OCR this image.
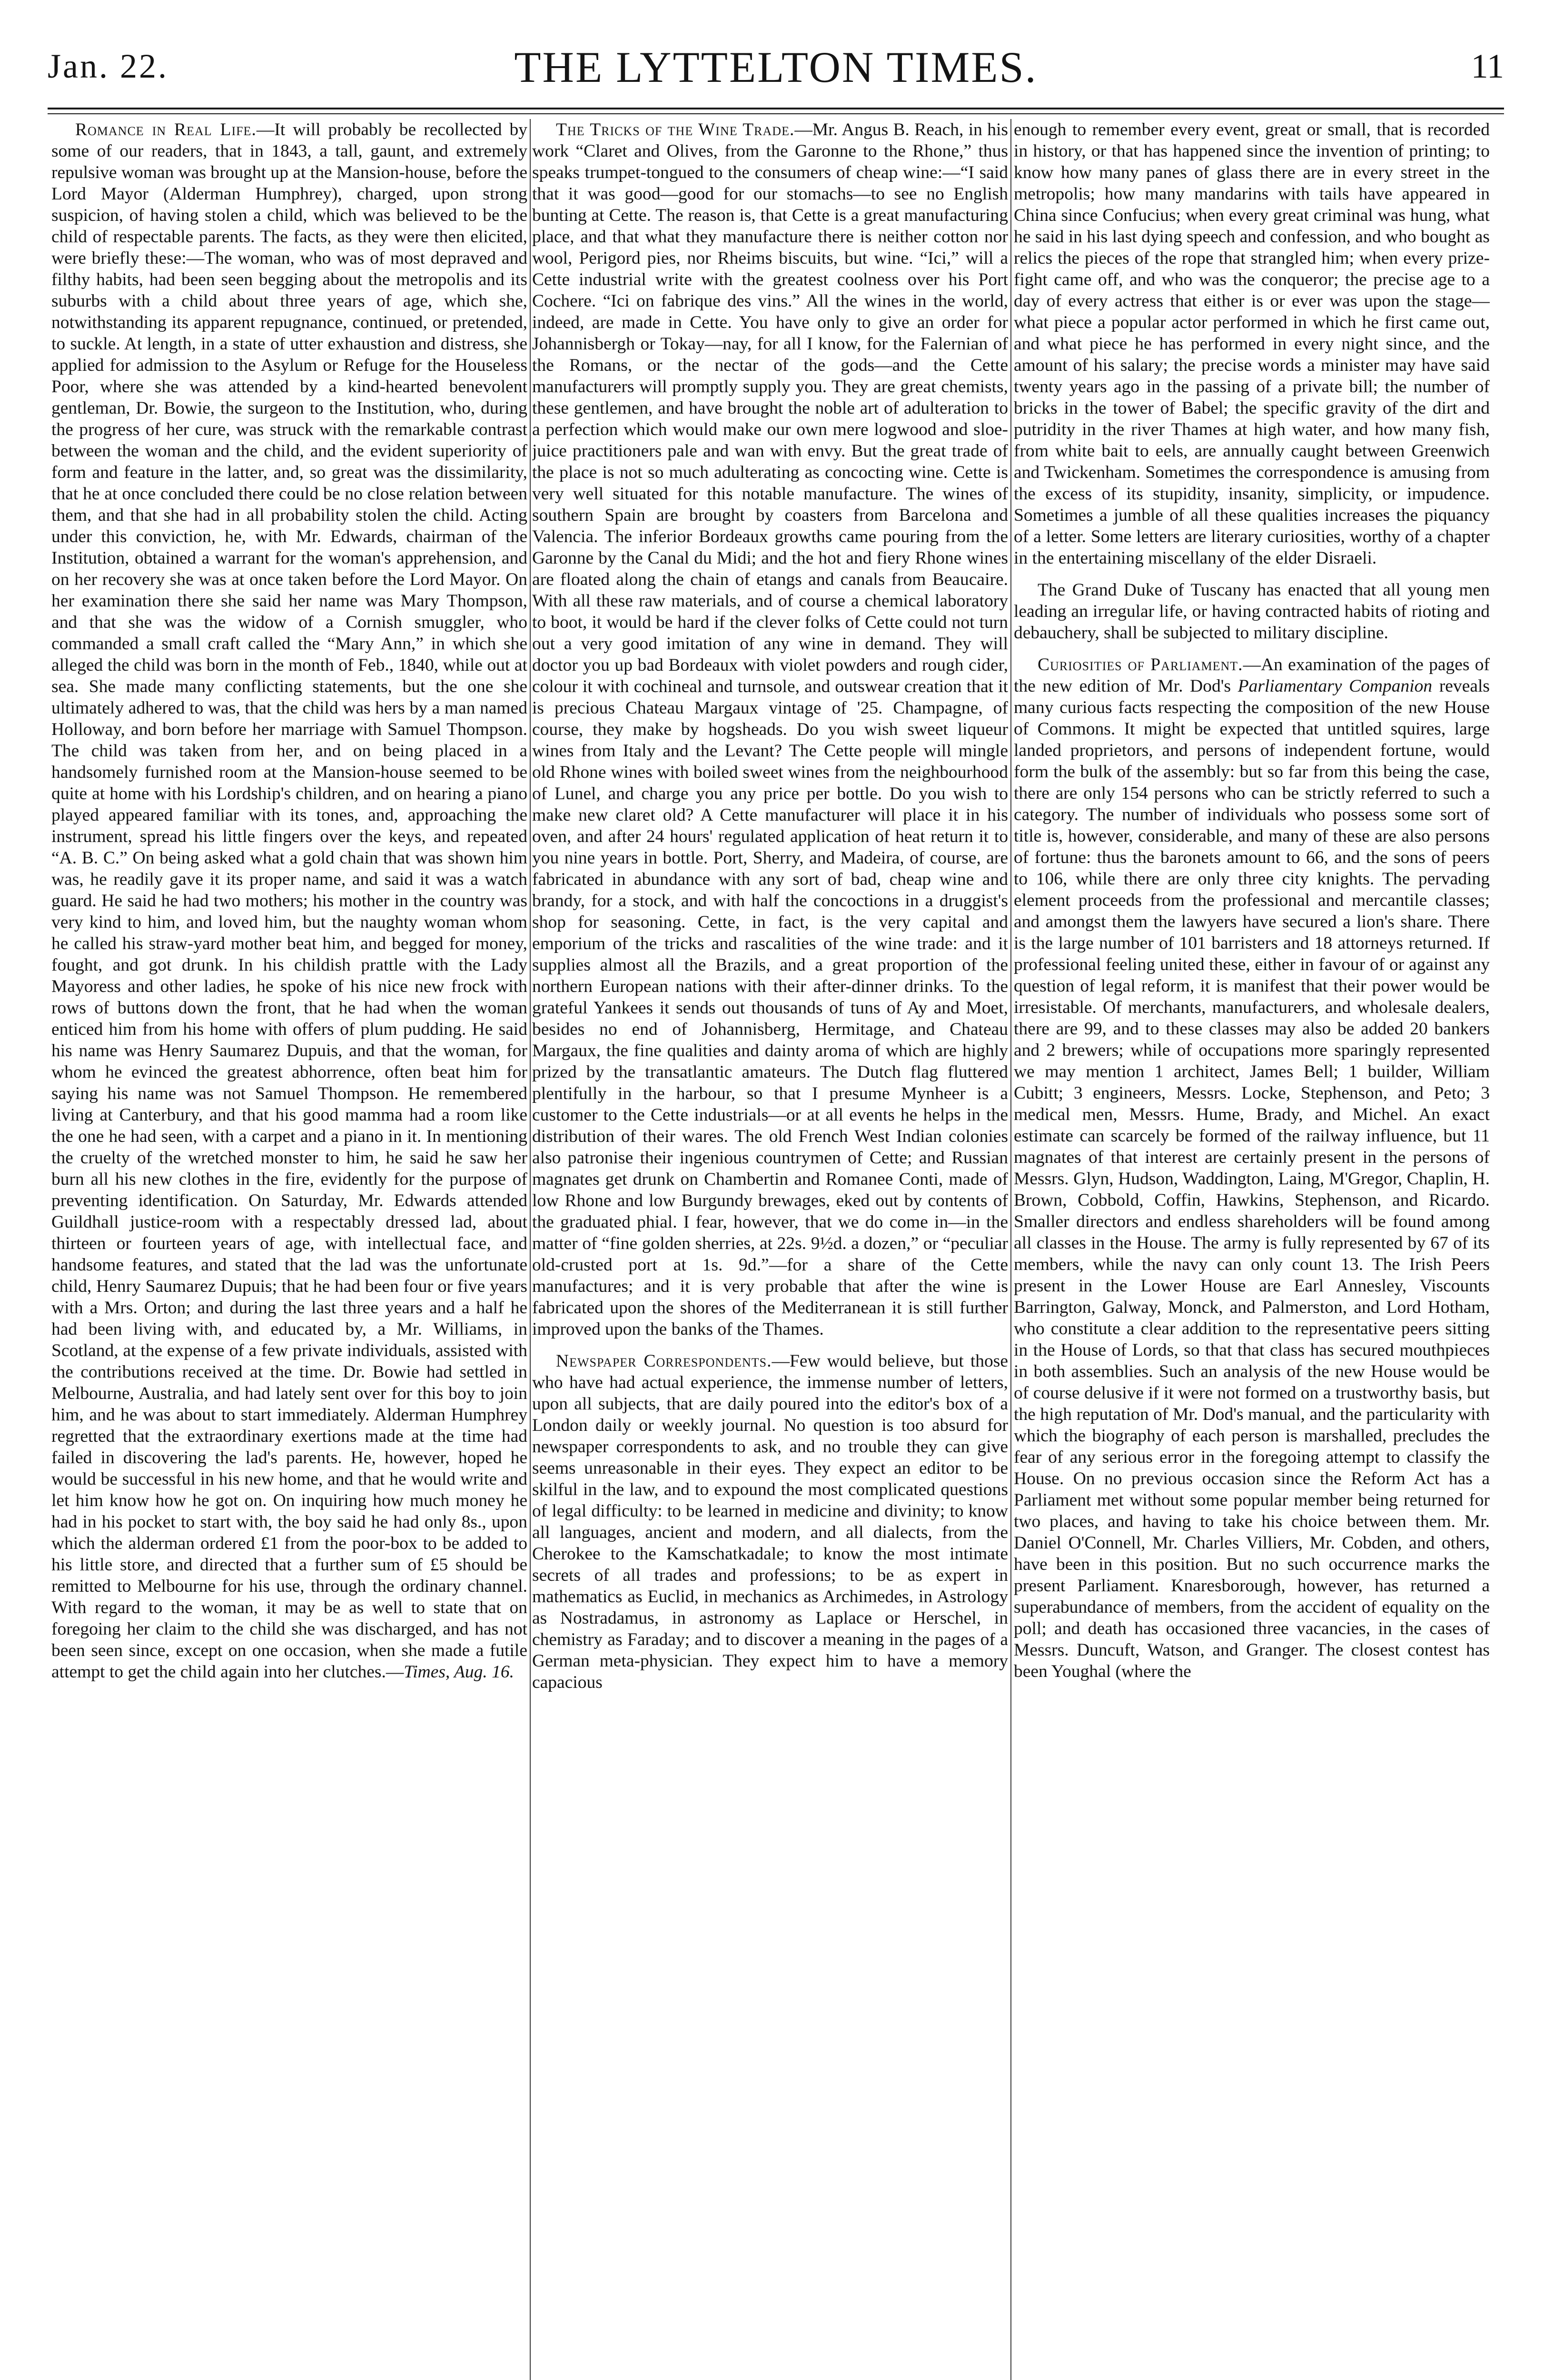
Jan. 22.	THE LYTTELTON TIMES.	11

Romance in Real Life.—It will probably be recollected by some of our readers, that in 1843, a tall, gaunt, and extremely repulsive woman was brought up at the Mansion-house, before the Lord Mayor (Alderman Humphrey), charged, upon strong suspicion, of having stolen a child, which was believed to be the child of respectable parents. The facts, as they were then elicited, were briefly these:—The woman, who was of most depraved and filthy habits, had been seen begging about the metropolis and its suburbs with a child about three years of age, which she, notwithstanding its apparent repugnance, continued, or pretended, to suckle. At length, in a state of utter exhaustion and distress, she applied for admission to the Asylum or Refuge for the Houseless Poor, where she was attended by a kind-hearted benevolent gentleman, Dr. Bowie, the surgeon to the Institution, who, during the progress of her cure, was struck with the remarkable contrast between the woman and the child, and the evident superiority of form and feature in the latter, and, so great was the dissimilarity, that he at once concluded there could be no close relation between them, and that she had in all probability stolen the child. Acting under this conviction, he, with Mr. Edwards, chairman of the Institution, obtained a warrant for the woman's apprehension, and on her recovery she was at once taken before the Lord Mayor. On her examination there she said her name was Mary Thompson, and that she was the widow of a Cornish smuggler, who commanded a small craft called the “Mary Ann,” in which she alleged the child was born in the month of Feb., 1840, while out at sea. She made many conflicting statements, but the one she ultimately adhered to was, that the child was hers by a man named Holloway, and born before her marriage with Samuel Thompson. The child was taken from her, and on being placed in a handsomely furnished room at the Mansion-house seemed to be quite at home with his Lordship's children, and on hearing a piano played appeared familiar with its tones, and, approaching the instrument, spread his little fingers over the keys, and repeated “A. B. C.” On being asked what a gold chain that was shown him was, he readily gave it its proper name, and said it was a watch guard. He said he had two mothers; his mother in the country was very kind to him, and loved him, but the naughty woman whom he called his straw-yard mother beat him, and begged for money, fought, and got drunk. In his childish prattle with the Lady Mayoress and other ladies, he spoke of his nice new frock with rows of buttons down the front, that he had when the woman enticed him from his home with offers of plum pudding. He said his name was Henry Saumarez Dupuis, and that the woman, for whom he evinced the greatest abhorrence, often beat him for saying his name was not Samuel Thompson. He remembered living at Canterbury, and that his good mamma had a room like the one he had seen, with a carpet and a piano in it. In mentioning the cruelty of the wretched monster to him, he said he saw her burn all his new clothes in the fire, evidently for the purpose of preventing identification. On Saturday, Mr. Edwards attended Guildhall justice-room with a respectably dressed lad, about thirteen or fourteen years of age, with intellectual face, and handsome features, and stated that the lad was the unfortunate child, Henry Saumarez Dupuis; that he had been four or five years with a Mrs. Orton; and during the last three years and a half he had been living with, and educated by, a Mr. Williams, in Scotland, at the expense of a few private individuals, assisted with the contributions received at the time. Dr. Bowie had settled in Melbourne, Australia, and had lately sent over for this boy to join him, and he was about to start immediately. Alderman Humphrey regretted that the extraordinary exertions made at the time had failed in discovering the lad's parents. He, however, hoped he would be successful in his new home, and that he would write and let him know how he got on. On inquiring how much money he had in his pocket to start with, the boy said he had only 8s., upon which the alderman ordered £1 from the poor-box to be added to his little store, and directed that a further sum of £5 should be remitted to Melbourne for his use, through the ordinary channel. With regard to the woman, it may be as well to state that on foregoing her claim to the child she was discharged, and has not been seen since, except on one occasion, when she made a futile attempt to get the child again into her clutches.—Times, Aug. 16.

The Tricks of the Wine Trade.—Mr. Angus B. Reach, in his work “Claret and Olives, from the Garonne to the Rhone,” thus speaks trumpet-tongued to the consumers of cheap wine:—“I said that it was good—good for our stomachs—to see no English bunting at Cette. The reason is, that Cette is a great manufacturing place, and that what they manufacture there is neither cotton nor wool, Perigord pies, nor Rheims biscuits, but wine. “Ici,” will a Cette industrial write with the greatest coolness over his Port Cochere. “Ici on fabrique des vins.” All the wines in the world, indeed, are made in Cette. You have only to give an order for Johannisbergh or Tokay—nay, for all I know, for the Falernian of the Romans, or the nectar of the gods—and the Cette manufacturers will promptly supply you. They are great chemists, these gentlemen, and have brought the noble art of adulteration to a perfection which would make our own mere logwood and sloe-juice practitioners pale and wan with envy. But the great trade of the place is not so much adulterating as concocting wine. Cette is very well situated for this notable manufacture. The wines of southern Spain are brought by coasters from Barcelona and Valencia. The inferior Bordeaux growths came pouring from the Garonne by the Canal du Midi; and the hot and fiery Rhone wines are floated along the chain of etangs and canals from Beaucaire. With all these raw materials, and of course a chemical laboratory to boot, it would be hard if the clever folks of Cette could not turn out a very good imitation of any wine in demand. They will doctor you up bad Bordeaux with violet powders and rough cider, colour it with cochineal and turnsole, and outswear creation that it is precious Chateau Margaux vintage of '25. Champagne, of course, they make by hogsheads. Do you wish sweet liqueur wines from Italy and the Levant? The Cette people will mingle old Rhone wines with boiled sweet wines from the neighbourhood of Lunel, and charge you any price per bottle. Do you wish to make new claret old? A Cette manufacturer will place it in his oven, and after 24 hours' regulated application of heat return it to you nine years in bottle. Port, Sherry, and Madeira, of course, are fabricated in abundance with any sort of bad, cheap wine and brandy, for a stock, and with half the concoctions in a druggist's shop for seasoning. Cette, in fact, is the very capital and emporium of the tricks and rascalities of the wine trade: and it supplies almost all the Brazils, and a great proportion of the northern European nations with their after-dinner drinks. To the grateful Yankees it sends out thousands of tuns of Ay and Moet, besides no end of Johannisberg, Hermitage, and Chateau Margaux, the fine qualities and dainty aroma of which are highly prized by the transatlantic amateurs. The Dutch flag fluttered plentifully in the harbour, so that I presume Mynheer is a customer to the Cette industrials—or at all events he helps in the distribution of their wares. The old French West Indian colonies also patronise their ingenious countrymen of Cette; and Russian magnates get drunk on Chambertin and Romanee Conti, made of low Rhone and low Burgundy brewages, eked out by contents of the graduated phial. I fear, however, that we do come in—in the matter of “fine golden sherries, at 22s. 9½d. a dozen,” or “peculiar old-crusted port at 1s. 9d.”—for a share of the Cette manufactures; and it is very probable that after the wine is fabricated upon the shores of the Mediterranean it is still further improved upon the banks of the Thames.

Newspaper Correspondents.—Few would believe, but those who have had actual experience, the immense number of letters, upon all subjects, that are daily poured into the editor's box of a London daily or weekly journal. No question is too absurd for newspaper correspondents to ask, and no trouble they can give seems unreasonable in their eyes. They expect an editor to be skilful in the law, and to expound the most complicated questions of legal difficulty: to be learned in medicine and divinity; to know all languages, ancient and modern, and all dialects, from the Cherokee to the Kamschatkadale; to know the most intimate secrets of all trades and professions; to be as expert in mathematics as Euclid, in mechanics as Archimedes, in Astrology as Nostradamus, in astronomy as Laplace or Herschel, in chemistry as Faraday; and to discover a meaning in the pages of a German meta-physician. They expect him to have a memory capacious

enough to remember every event, great or small, that is recorded in history, or that has happened since the invention of printing; to know how many panes of glass there are in every street in the metropolis; how many mandarins with tails have appeared in China since Confucius; when every great criminal was hung, what he said in his last dying speech and confession, and who bought as relics the pieces of the rope that strangled him; when every prize-fight came off, and who was the conqueror; the precise age to a day of every actress that either is or ever was upon the stage—what piece a popular actor performed in which he first came out, and what piece he has performed in every night since, and the amount of his salary; the precise words a minister may have said twenty years ago in the passing of a private bill; the number of bricks in the tower of Babel; the specific gravity of the dirt and putridity in the river Thames at high water, and how many fish, from white bait to eels, are annually caught between Greenwich and Twickenham. Sometimes the correspondence is amusing from the excess of its stupidity, insanity, simplicity, or impudence. Sometimes a jumble of all these qualities increases the piquancy of a letter. Some letters are literary curiosities, worthy of a chapter in the entertaining miscellany of the elder Disraeli.

The Grand Duke of Tuscany has enacted that all young men leading an irregular life, or having contracted habits of rioting and debauchery, shall be subjected to military discipline.

Curiosities of Parliament.—An examination of the pages of the new edition of Mr. Dod's Parliamentary Companion reveals many curious facts respecting the composition of the new House of Commons. It might be expected that untitled squires, large landed proprietors, and persons of independent fortune, would form the bulk of the assembly: but so far from this being the case, there are only 154 persons who can be strictly referred to such a category. The number of individuals who possess some sort of title is, however, considerable, and many of these are also persons of fortune: thus the baronets amount to 66, and the sons of peers to 106, while there are only three city knights. The pervading element proceeds from the professional and mercantile classes; and amongst them the lawyers have secured a lion's share. There is the large number of 101 barristers and 18 attorneys returned. If professional feeling united these, either in favour of or against any question of legal reform, it is manifest that their power would be irresistable. Of merchants, manufacturers, and wholesale dealers, there are 99, and to these classes may also be added 20 bankers and 2 brewers; while of occupations more sparingly represented we may mention 1 architect, James Bell; 1 builder, William Cubitt; 3 engineers, Messrs. Locke, Stephenson, and Peto; 3 medical men, Messrs. Hume, Brady, and Michel. An exact estimate can scarcely be formed of the railway influence, but 11 magnates of that interest are certainly present in the persons of Messrs. Glyn, Hudson, Waddington, Laing, M'Gregor, Chaplin, H. Brown, Cobbold, Coffin, Hawkins, Stephenson, and Ricardo. Smaller directors and endless shareholders will be found among all classes in the House. The army is fully represented by 67 of its members, while the navy can only count 13. The Irish Peers present in the Lower House are Earl Annesley, Viscounts Barrington, Galway, Monck, and Palmerston, and Lord Hotham, who constitute a clear addition to the representative peers sitting in the House of Lords, so that that class has secured mouthpieces in both assemblies. Such an analysis of the new House would be of course delusive if it were not formed on a trustworthy basis, but the high reputation of Mr. Dod's manual, and the particularity with which the biography of each person is marshalled, precludes the fear of any serious error in the foregoing attempt to classify the House. On no previous occasion since the Reform Act has a Parliament met without some popular member being returned for two places, and having to take his choice between them. Mr. Daniel O'Connell, Mr. Charles Villiers, Mr. Cobden, and others, have been in this position. But no such occurrence marks the present Parliament. Knaresborough, however, has returned a superabundance of members, from the accident of equality on the poll; and death has occasioned three vacancies, in the cases of Messrs. Duncuft, Watson, and Granger. The closest contest has been Youghal (where the
